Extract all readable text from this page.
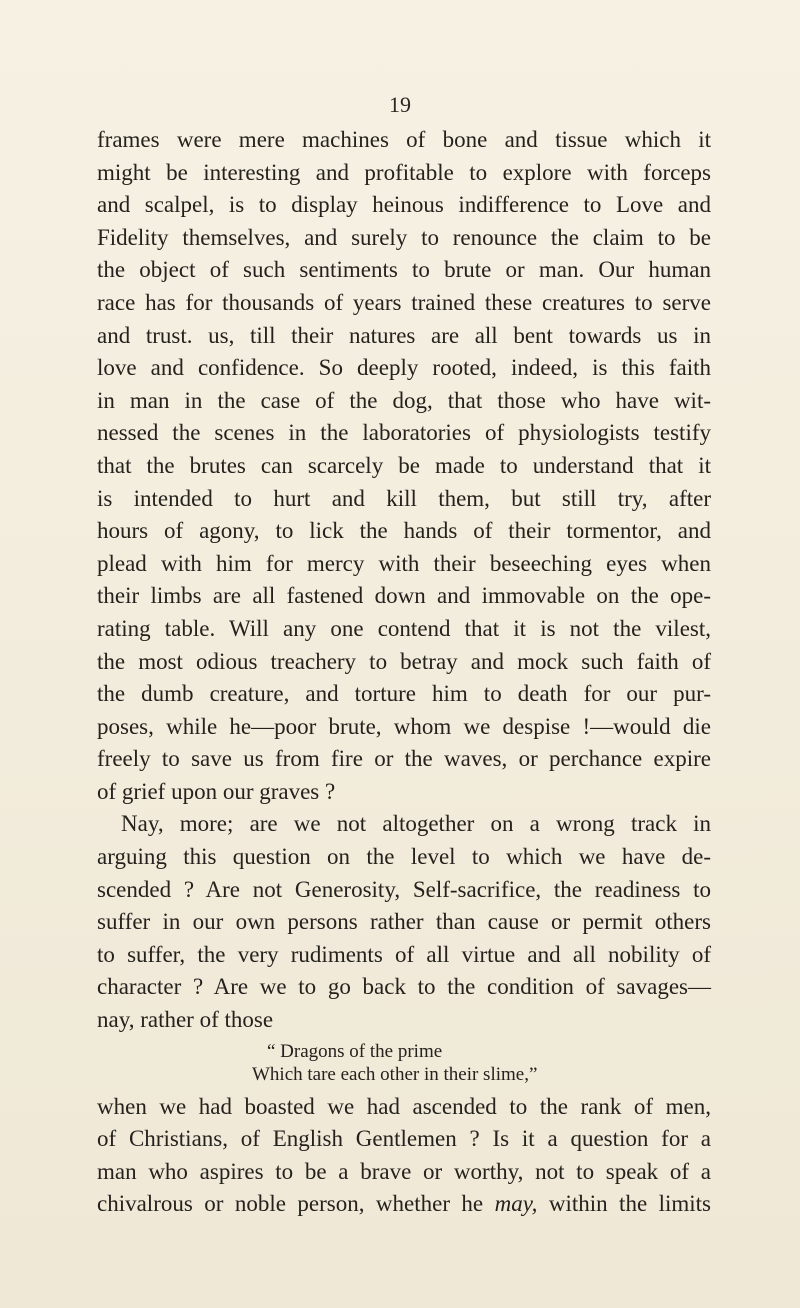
19
frames were mere machines of bone and tissue which it
might be interesting and profitable to explore with forceps
and scalpel, is to display heinous indifference to Love and
Fidelity themselves, and surely to renounce the claim to be
the object of such sentiments to brute or man. Our human
race has for thousands of years trained these creatures to serve
and trust. us, till their natures are all bent towards us in
love and confidence. So deeply rooted, indeed, is this faith
in man in the case of the dog, that those who have wit-
nessed the scenes in the laboratories of physiologists testify
that the brutes can scarcely be made to understand that it
is intended to hurt and kill them, but still try, after
hours of agony, to lick the hands of their tormentor, and
plead with him for mercy with their beseeching eyes when
their limbs are all fastened down and immovable on the ope-
rating table. Will any one contend that it is not the vilest,
the most odious treachery to betray and mock such faith of
the dumb creature, and torture him to death for our pur-
poses, while he—poor brute, whom we despise !—would die
freely to save us from fire or the waves, or perchance expire
of grief upon our graves ?
Nay, more; are we not altogether on a wrong track in
arguing this question on the level to which we have de-
scended ? Are not Generosity, Self-sacrifice, the readiness to
suffer in our own persons rather than cause or permit others
to suffer, the very rudiments of all virtue and all nobility of
character ? Are we to go back to the condition of savages—
nay, rather of those
“ Dragons of the prime
Which tare each other in their slime,”
when we had boasted we had ascended to the rank of men,
of Christians, of English Gentlemen ? Is it a question for a
man who aspires to be a brave or worthy, not to speak of a
chivalrous or noble person, whether he may, within the limits
